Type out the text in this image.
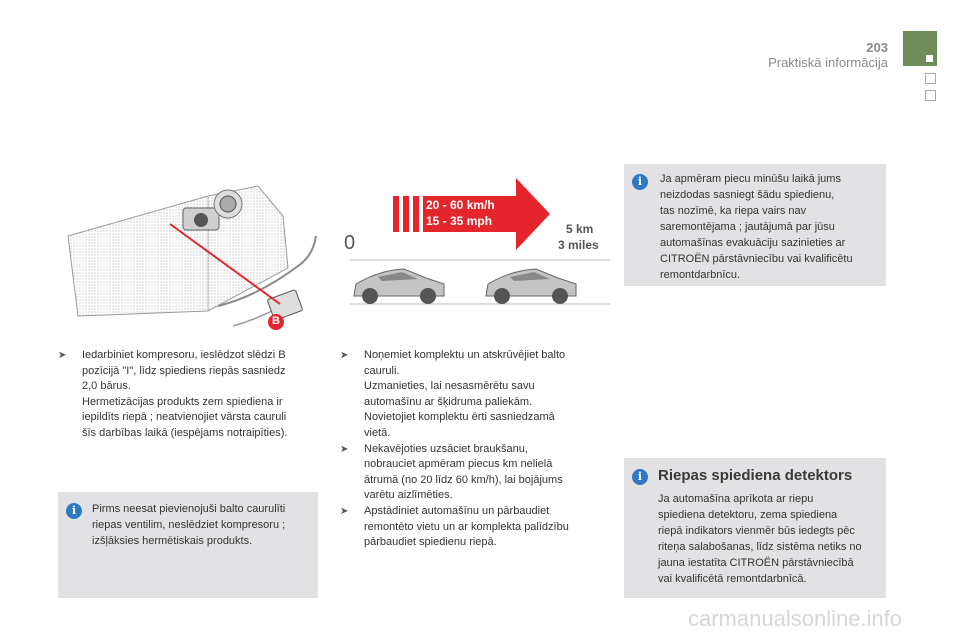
203
Praktiskā informācija
B
20 - 60 km/h
15 - 35 mph
0
5 km
3 miles
➤ Iedarbiniet kompresoru, ieslēdzot slēdzi B
pozīcijā "I", līdz spiediens riepās sasniedz
2,0 bārus.
Hermetizācijas produkts zem spiediena ir
iepildīts riepā ; neatvienojiet vārsta cauruli
šīs darbības laikā (iespējams notraipīties).
i	Pirms neesat pievienojuši balto caurulīti
riepas ventilim, neslēdziet kompresoru ;
izšļāksies hermētiskais produkts.
➤ Noņemiet komplektu un atskrūvējiet balto
cauruli.
Uzmanieties, lai nesasmērētu savu
automašīnu ar šķidruma paliekām.
Novietojiet komplektu ērti sasniedzamā
vietā.
➤ Nekavējoties uzsāciet braukšanu,
nobrauciet apmēram piecus km nelielā
ātrumā (no 20 līdz 60 km/h), lai bojājums
varētu aizlīmēties.
➤ Apstādiniet automašīnu un pārbaudiet
remontēto vietu un ar komplekta palīdzību
pārbaudiet spiedienu riepā.
i	Ja apmēram piecu minūšu laikā jums
neizdodas sasniegt šādu spiedienu,
tas nozīmē, ka riepa vairs nav
saremontējama ; jautājumā par jūsu
automašīnas evakuāciju sazinieties ar
CITROËN pārstāvniecību vai kvalificētu
remontdarbnīcu.
i	Riepas spiediena detektors
Ja automašīna aprīkota ar riepu
spiediena detektoru, zema spiediena
riepā indikators vienmēr būs iedegts pēc
riteņa salabošanas, līdz sistēma netiks no
jauna iestatīta CITROËN pārstāvniecībā
vai kvalificētā remontdarbnīcā.
carmanualsonline.info
